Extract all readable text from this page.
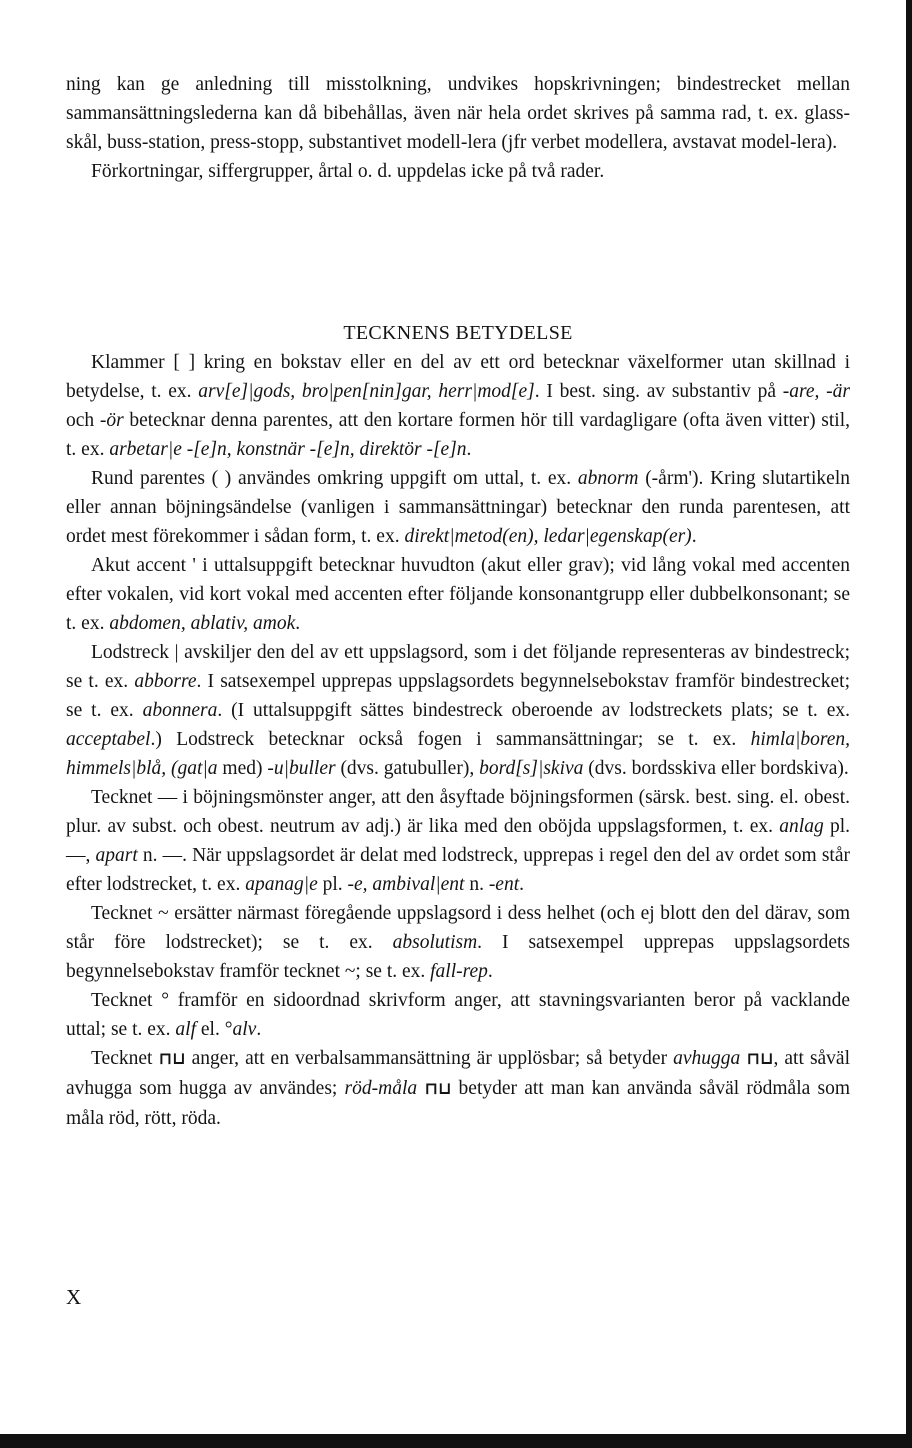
ning kan ge anledning till misstolkning, undvikes hopskrivningen; bindestrecket mellan sammansättningslederna kan då bibehållas, även när hela ordet skrives på samma rad, t. ex. glass-skål, buss-station, press-stopp, substantivet modell-lera (jfr verbet modellera, avstavat model-lera).

Förkortningar, siffergrupper, årtal o. d. uppdelas icke på två rader.

TECKNENS BETYDELSE

Klammer [ ] kring en bokstav eller en del av ett ord betecknar växelformer utan skillnad i betydelse, t. ex. arv[e]|gods, bro|pen[nin]gar, herr|mod[e]. I best. sing. av substantiv på -are, -är och -ör betecknar denna parentes, att den kortare formen hör till vardagligare (ofta även vitter) stil, t. ex. arbetar|e -[e]n, konstnär -[e]n, direktör -[e]n.

Rund parentes ( ) användes omkring uppgift om uttal, t. ex. abnorm (-årm'). Kring slutartikeln eller annan böjningsändelse (vanligen i sammansättningar) betecknar den runda parentesen, att ordet mest förekommer i sådan form, t. ex. direkt|metod(en), ledar|egenskap(er).

Akut accent ' i uttalsuppgift betecknar huvudton (akut eller grav); vid lång vokal med accenten efter vokalen, vid kort vokal med accenten efter följande konsonantgrupp eller dubbelkonsonant; se t. ex. abdomen, ablativ, amok.

Lodstreck | avskiljer den del av ett uppslagsord, som i det följande representeras av bindestreck; se t. ex. abborre. I satsexempel upprepas uppslagsordets begynnelsebokstav framför bindestrecket; se t. ex. abonnera. (I uttalsuppgift sättes bindestreck oberoende av lodstreckets plats; se t. ex. acceptabel.) Lodstreck betecknar också fogen i sammansättningar; se t. ex. himla|boren, himmels|blå, (gat|a med) -u|buller (dvs. gatubuller), bord[s]|skiva (dvs. bordsskiva eller bordskiva).

Tecknet — i böjningsmönster anger, att den åsyftade böjningsformen (särsk. best. sing. el. obest. plur. av subst. och obest. neutrum av adj.) är lika med den oböjda uppslagsformen, t. ex. anlag pl. —, apart n. —. När uppslagsordet är delat med lodstreck, upprepas i regel den del av ordet som står efter lodstrecket, t. ex. apanag|e pl. -e, ambival|ent n. -ent.

Tecknet ~ ersätter närmast föregående uppslagsord i dess helhet (och ej blott den del därav, som står före lodstrecket); se t. ex. absolutism. I satsexempel upprepas uppslagsordets begynnelsebokstav framför tecknet ~; se t. ex. fall-rep.

Tecknet ° framför en sidoordnad skrivform anger, att stavningsvarianten beror på vacklande uttal; se t. ex. alf el. °alv.

Tecknet ⊓⊔ anger, att en verbalsammansättning är upplösbar; så betyder avhugga ⊓⊔, att såväl avhugga som hugga av användes; röd-måla ⊓⊔ betyder att man kan använda såväl rödmåla som måla röd, rött, röda.

X
